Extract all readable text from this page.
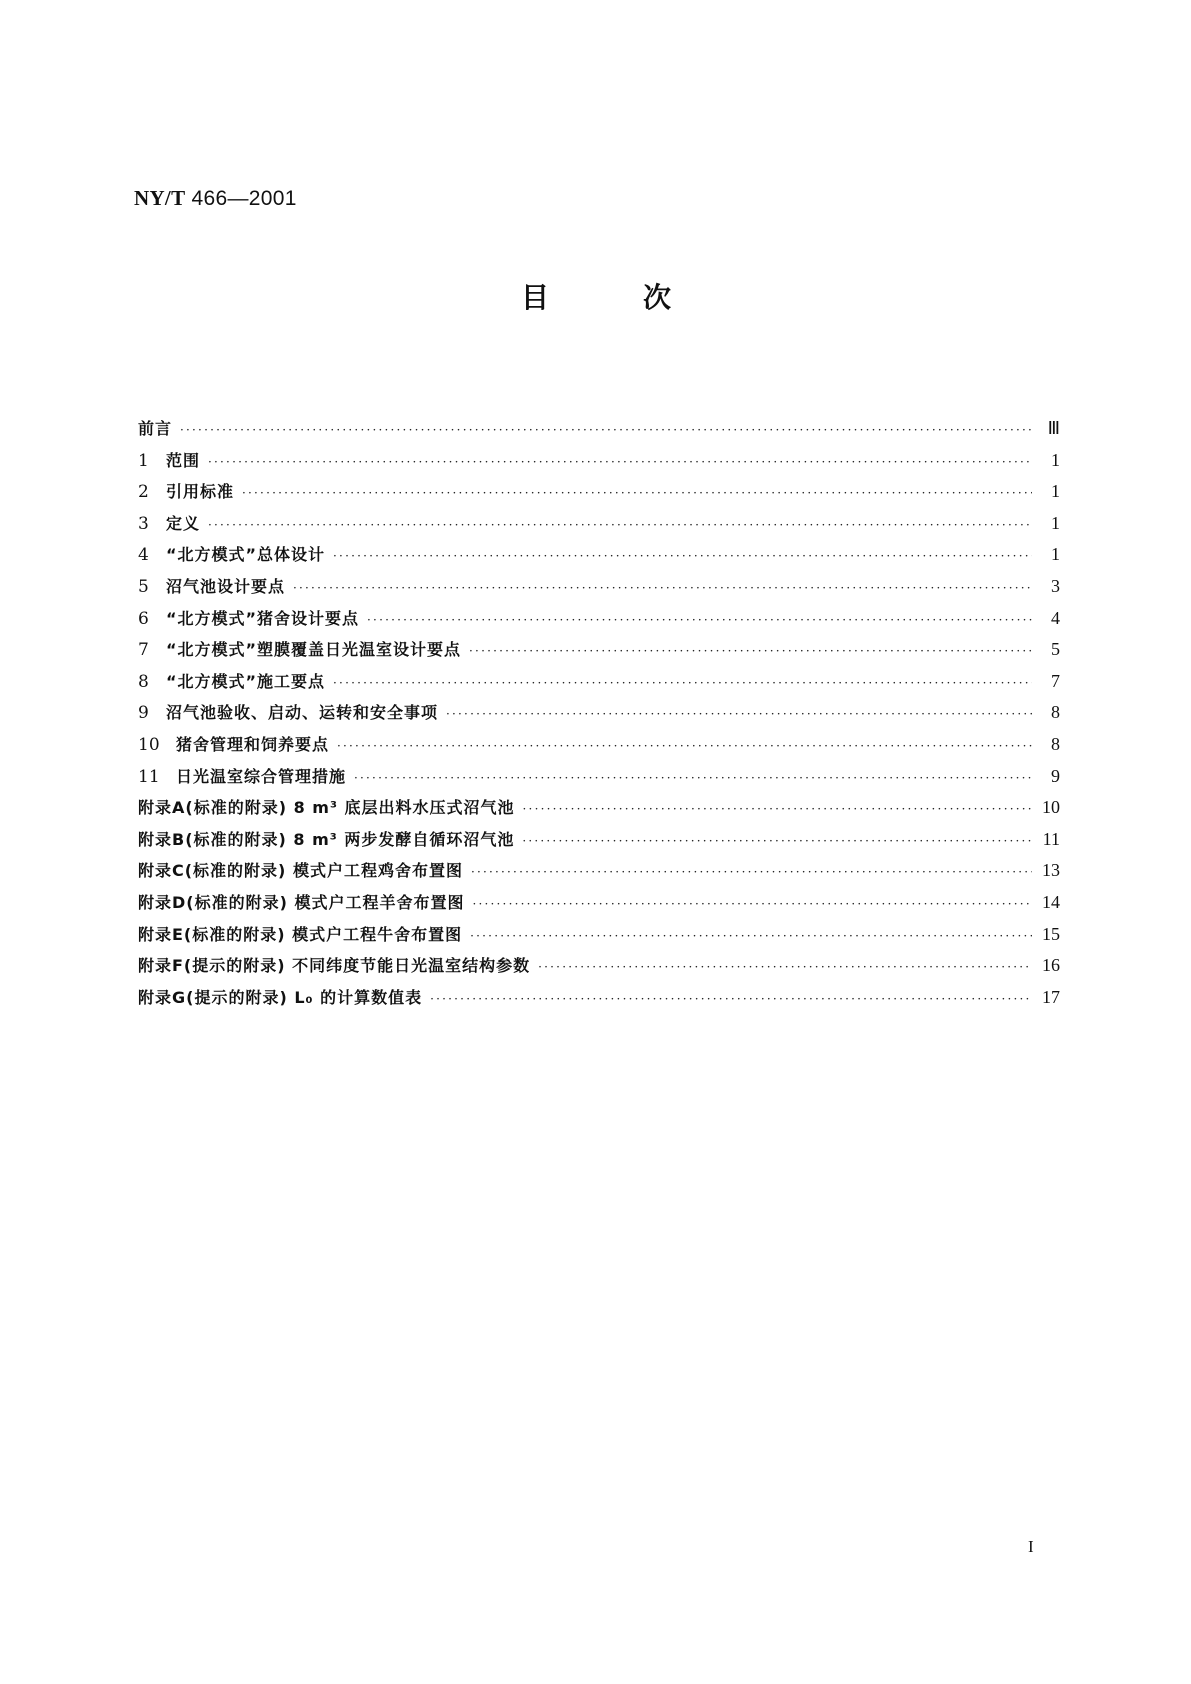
NY/T 466—2001
目	次
前言 ·····	Ⅲ
1	范围 ·····	1
2	引用标准 ·····	1
3	定义 ·····	1
4	“北方模式”总体设计 ·····	1
5	沼气池设计要点 ·····	3
6	“北方模式”猪舍设计要点 ·····	4
7	“北方模式”塑膜覆盖日光温室设计要点 ·····	5
8	“北方模式”施工要点 ·····	7
9	沼气池验收、启动、运转和安全事项 ·····	8
10	猪舍管理和饲养要点 ·····	8
11	日光温室综合管理措施 ·····	9
附录A(标准的附录) 8 m³ 底层出料水压式沼气池 ·····	10
附录B(标准的附录) 8 m³ 两步发酵自循环沼气池 ·····	11
附录C(标准的附录) 模式户工程鸡舍布置图 ·····	13
附录D(标准的附录) 模式户工程羊舍布置图 ·····	14
附录E(标准的附录) 模式户工程牛舍布置图 ·····	15
附录F(提示的附录) 不同纬度节能日光温室结构参数 ·····	16
附录G(提示的附录) L₀ 的计算数值表 ·····	17
I
